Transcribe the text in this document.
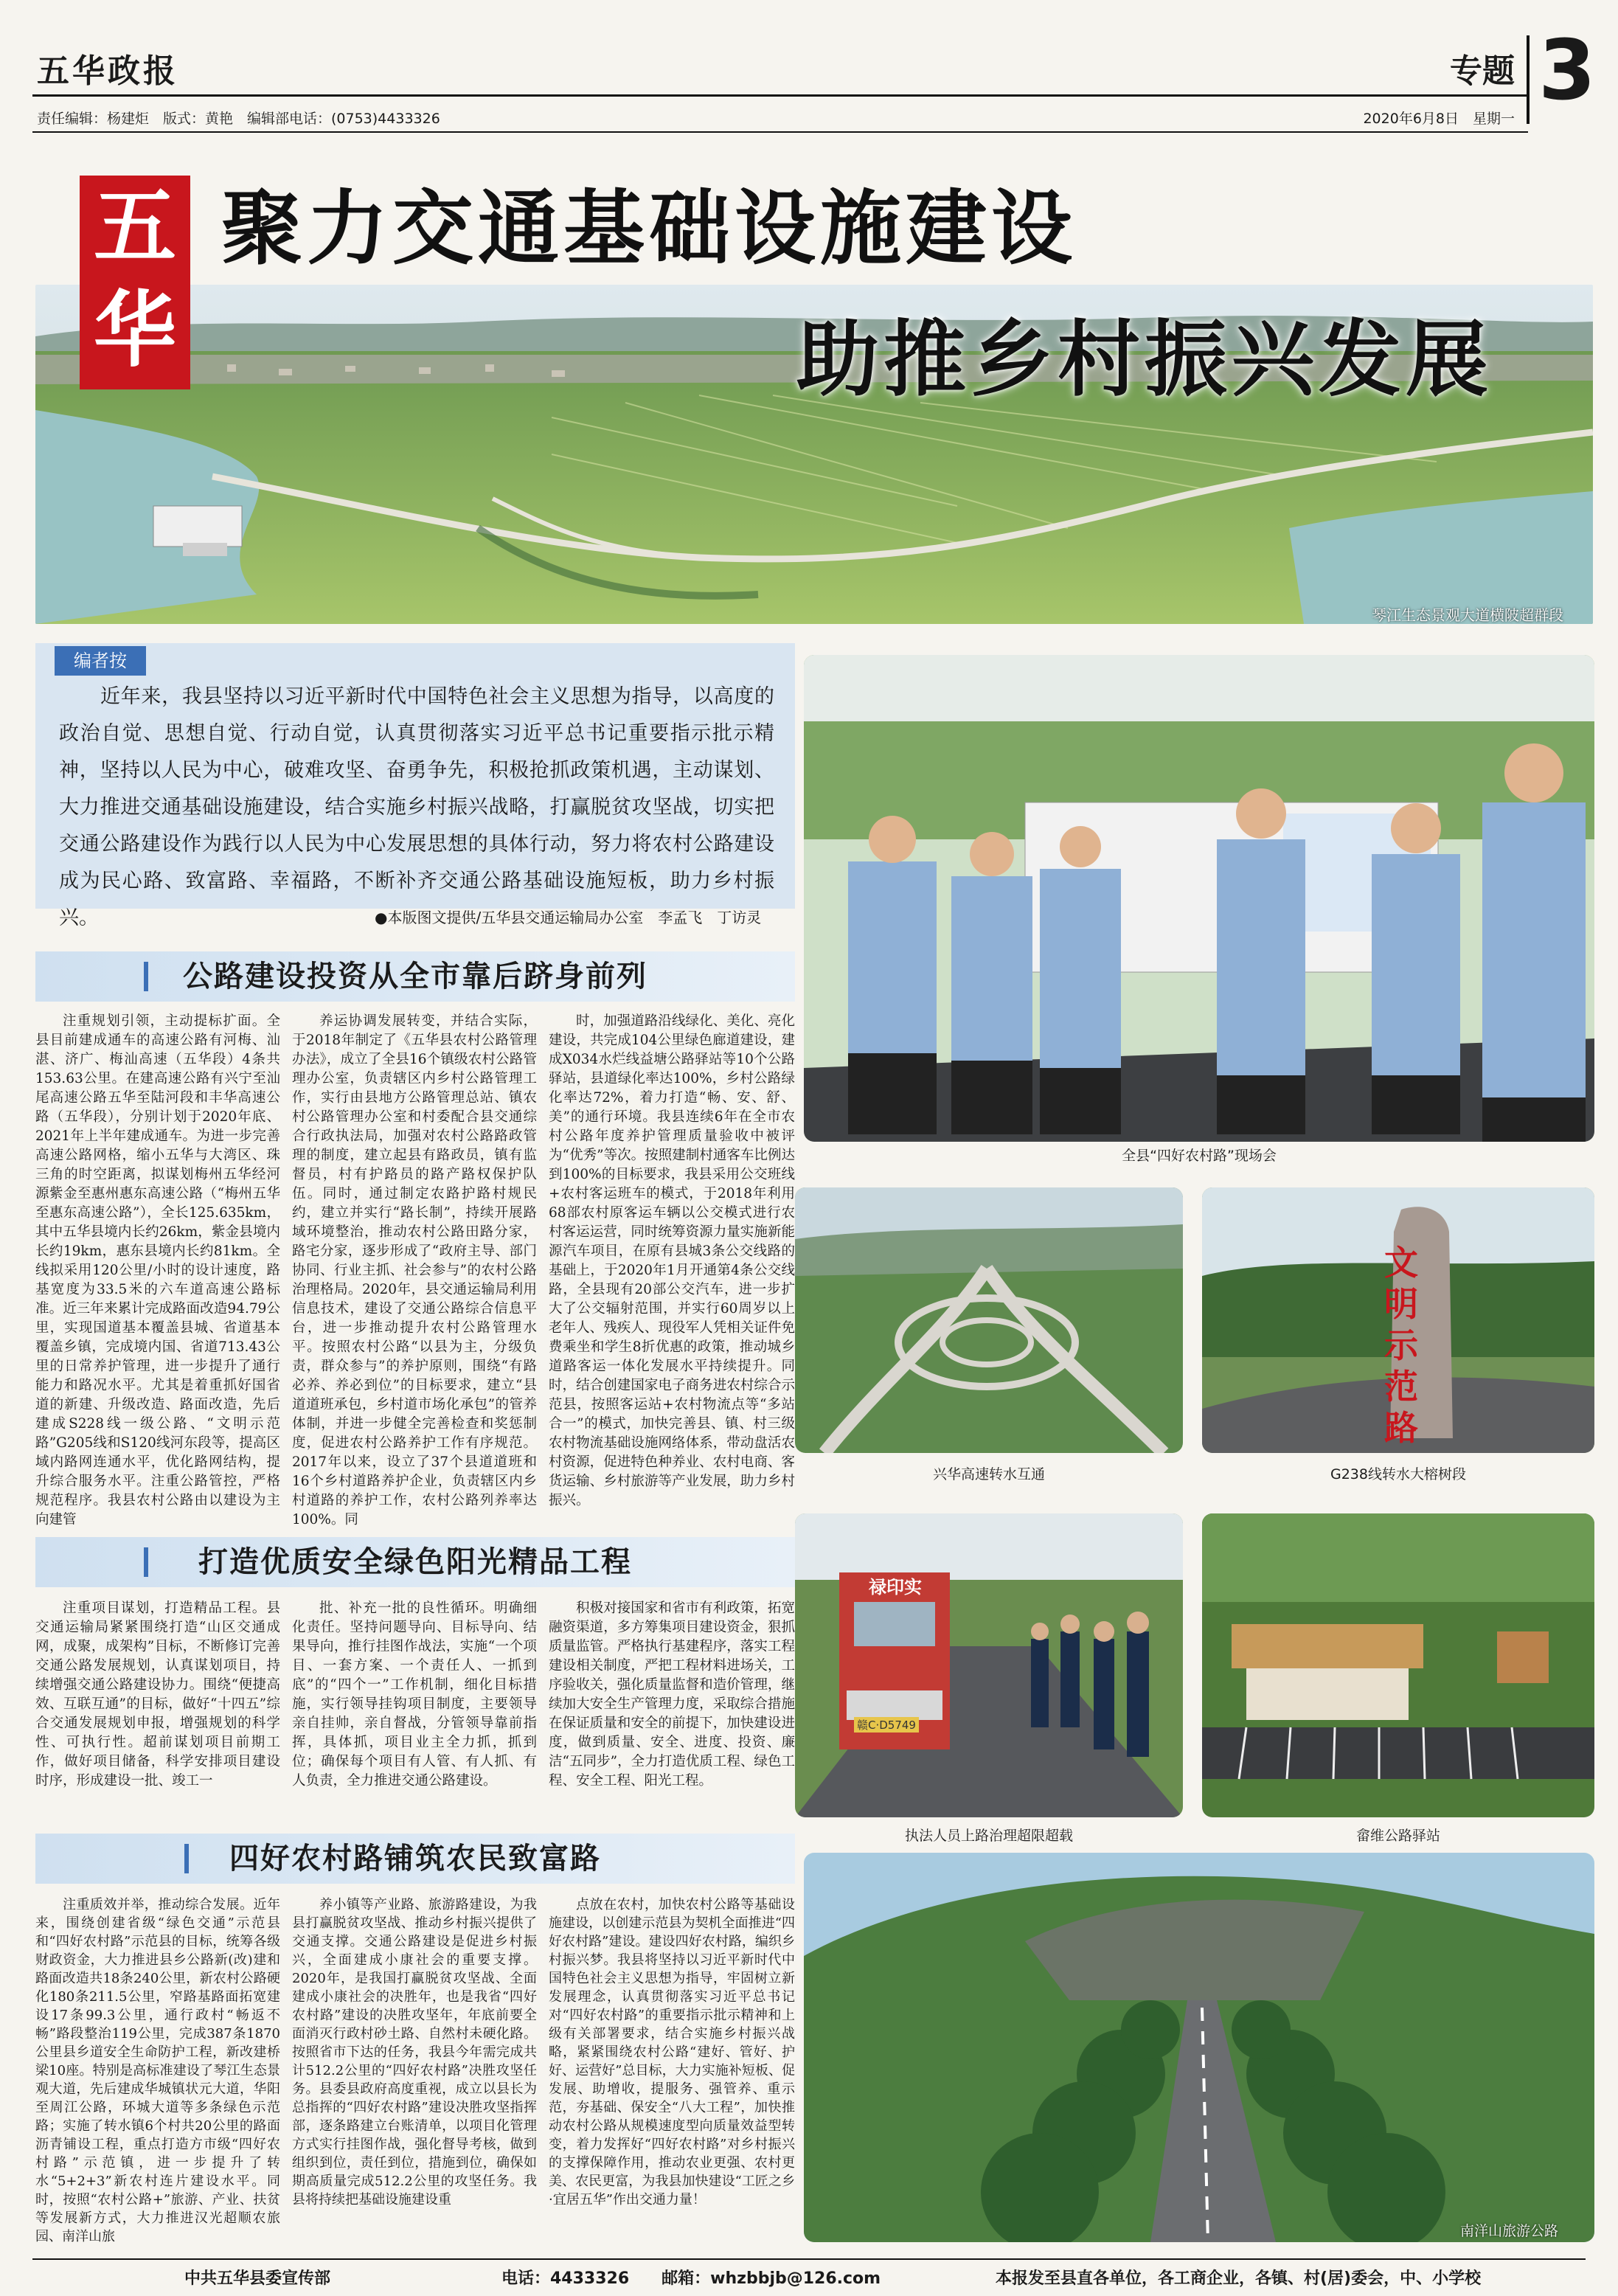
五华政报
责任编辑：杨建炬　版式：黄艳　编辑部电话：(0753)4433326	2020年6月8日　星期一
专题 3
五
华
聚力交通基础设施建设
助推乡村振兴发展
琴江生态景观大道横陂超群段
编者按
近年来，我县坚持以习近平新时代中国特色社会主义思想为指导，以高度的政治自觉、思想自觉、行动自觉，认真贯彻落实习近平总书记重要指示批示精神，坚持以人民为中心，破难攻坚、奋勇争先，积极抢抓政策机遇，主动谋划、大力推进交通基础设施建设，结合实施乡村振兴战略，打赢脱贫攻坚战，切实把交通公路建设作为践行以人民为中心发展思想的具体行动，努力将农村公路建设成为民心路、致富路、幸福路，不断补齐交通公路基础设施短板，助力乡村振兴。	●本版图文提供/五华县交通运输局办公室　李孟飞　丁访灵
公路建设投资从全市靠后跻身前列

注重规划引领，主动提标扩面。全县目前建成通车的高速公路有河梅、汕湛、济广、梅汕高速（五华段）4条共153.63公里。在建高速公路有兴宁至汕尾高速公路五华至陆河段和丰华高速公路（五华段），分别计划于2020年底、2021年上半年建成通车。为进一步完善高速公路网格，缩小五华与大湾区、珠三角的时空距离，拟谋划梅州五华经河源紫金至惠州惠东高速公路（“梅州五华至惠东高速公路”），全长125.635km，其中五华县境内长约26km，紫金县境内长约19km，惠东县境内长约81km。全线拟采用120公里/小时的设计速度，路基宽度为33.5米的六车道高速公路标准。近三年来累计完成路面改造94.79公里，实现国道基本覆盖县城、省道基本覆盖乡镇，完成境内国、省道713.43公里的日常养护管理，进一步提升了通行能力和路况水平。尤其是着重抓好国省道的新建、升级改造、路面改造，先后建成S228线一级公路、“文明示范路”G205线和S120线河东段等，提高区域内路网连通水平，优化路网结构，提升综合服务水平。注重公路管控，严格规范程序。我县农村公路由以建设为主向建管

养运协调发展转变，并结合实际，于2018年制定了《五华县农村公路管理办法》，成立了全县16个镇级农村公路管理办公室，负责辖区内乡村公路管理工作，实行由县地方公路管理总站、镇农村公路管理办公室和村委配合县交通综合行政执法局，加强对农村公路路政管理的制度，建立起县有路政员，镇有监督员，村有护路员的路产路权保护队伍。同时，通过制定农路护路村规民约，建立并实行“路长制”，持续开展路域环境整治，推动农村公路田路分家，路宅分家，逐步形成了“政府主导、部门协同、行业主抓、社会参与”的农村公路治理格局。2020年，县交通运输局利用信息技术，建设了交通公路综合信息平台，进一步推动提升农村公路管理水平。按照农村公路“以县为主，分级负责，群众参与”的养护原则，围绕“有路必养、养必到位”的目标要求，建立“县道道班承包，乡村道市场化承包”的管养体制，并进一步健全完善检查和奖惩制度，促进农村公路养护工作有序规范。2017年以来，设立了37个县道道班和16个乡村道路养护企业，负责辖区内乡村道路的养护工作，农村公路列养率达100%。同

时，加强道路沿线绿化、美化、亮化建设，共完成104公里绿色廊道建设，建成X034水烂线益塘公路驿站等10个公路驿站，县道绿化率达100%，乡村公路绿化率达72%，着力打造“畅、安、舒、美”的通行环境。我县连续6年在全市农村公路年度养护管理质量验收中被评为“优秀”等次。按照建制村通客车比例达到100%的目标要求，我县采用公交班线+农村客运班车的模式，于2018年利用68部农村原客运车辆以公交模式进行农村客运运营，同时统筹资源力量实施新能源汽车项目，在原有县城3条公交线路的基础上，于2020年1月开通第4条公交线路，全县现有20部公交汽车，进一步扩大了公交辐射范围，并实行60周岁以上老年人、残疾人、现役军人凭相关证件免费乘坐和学生8折优惠的政策，推动城乡道路客运一体化发展水平持续提升。同时，结合创建国家电子商务进农村综合示范县，按照客运站+农村物流点等“多站合一”的模式，加快完善县、镇、村三级农村物流基础设施网络体系，带动盘活农村资源，促进特色种养业、农村电商、客货运输、乡村旅游等产业发展，助力乡村振兴。

打造优质安全绿色阳光精品工程

注重项目谋划，打造精品工程。县交通运输局紧紧围绕打造“山区交通成网，成聚，成架构”目标，不断修订完善交通公路发展规划，认真谋划项目，持续增强交通公路建设协力。围绕“便捷高效、互联互通”的目标，做好“十四五”综合交通发展规划申报，增强规划的科学性、可执行性。超前谋划项目前期工作，做好项目储备，科学安排项目建设时序，形成建设一批、竣工一

批、补充一批的良性循环。明确细化责任。坚持问题导向、目标导向、结果导向，推行挂图作战法，实施“一个项目、一套方案、一个责任人、一抓到底”的“四个一”工作机制，细化目标措施，实行领导挂钩项目制度，主要领导亲自挂帅，亲自督战，分管领导靠前指挥，具体抓，项目业主全力抓，抓到位；确保每个项目有人管、有人抓、有人负责，全力推进交通公路建设。

积极对接国家和省市有利政策，拓宽融资渠道，多方筹集项目建设资金，狠抓质量监管。严格执行基建程序，落实工程建设相关制度，严把工程材料进场关，工序验收关，强化质量监督和造价管理，继续加大安全生产管理力度，采取综合措施在保证质量和安全的前提下，加快建设进度，做到质量、安全、进度、投资、廉洁“五同步”，全力打造优质工程、绿色工程、安全工程、阳光工程。

四好农村路铺筑农民致富路

注重质效并举，推动综合发展。近年来，围绕创建省级“绿色交通”示范县和“四好农村路”示范县的目标，统筹各级财政资金，大力推进县乡公路新(改)建和路面改造共18条240公里，新农村公路硬化180条211.5公里，窄路基路面拓宽建设17条99.3公里，通行政村“畅返不畅”路段整治119公里，完成387条1870公里县乡道安全生命防护工程，新改建桥梁10座。特别是高标准建设了琴江生态景观大道，先后建成华城镇状元大道，华阳至周江公路，环城大道等多条绿色示范路；实施了转水镇6个村共20公里的路面沥青铺设工程，重点打造方市级“四好农村路”示范镇，进一步提升了转水“5+2+3”新农村连片建设水平。同时，按照“农村公路+”旅游、产业、扶贫等发展新方式，大力推进汉光超顺农旅园、南洋山旅

养小镇等产业路、旅游路建设，为我县打赢脱贫攻坚战、推动乡村振兴提供了交通支撑。交通公路建设是促进乡村振兴，全面建成小康社会的重要支撑。2020年，是我国打赢脱贫攻坚战、全面建成小康社会的决胜年，也是我省“四好农村路”建设的决胜攻坚年，年底前要全面消灭行政村砂土路、自然村未硬化路。按照省市下达的任务，我县今年需完成共计512.2公里的“四好农村路”决胜攻坚任务。县委县政府高度重视，成立以县长为总指挥的“四好农村路”建设决胜攻坚指挥部，逐条路建立台账清单，以项目化管理方式实行挂图作战，强化督导考核，做到组织到位，责任到位，措施到位，确保如期高质量完成512.2公里的攻坚任务。我县将持续把基础设施建设重

点放在农村，加快农村公路等基础设施建设，以创建示范县为契机全面推进“四好农村路”建设。建设四好农村路，编织乡村振兴梦。我县将坚持以习近平新时代中国特色社会主义思想为指导，牢固树立新发展理念，认真贯彻落实习近平总书记对“四好农村路”的重要指示批示精神和上级有关部署要求，结合实施乡村振兴战略，紧紧围绕农村公路“建好、管好、护好、运营好”总目标，大力实施补短板、促发展、助增收，提服务、强管养、重示范，夯基础、保安全“八大工程”，加快推动农村公路从规模速度型向质量效益型转变，着力发挥好“四好农村路”对乡村振兴的支撑保障作用，推动农业更强、农村更美、农民更富，为我县加快建设“工匠之乡·宜居五华”作出交通力量！

全县“四好农村路”现场会
兴华高速转水互通
文明示范路
G238线转水大榕树段
禄印实
赣C·D5749
执法人员上路治理超限超载	畲维公路驿站
南洋山旅游公路
中共五华县委宣传部	电话：4433326　　邮箱：whzbbjb@126.com	本报发至县直各单位，各工商企业，各镇、村(居)委会，中、小学校
